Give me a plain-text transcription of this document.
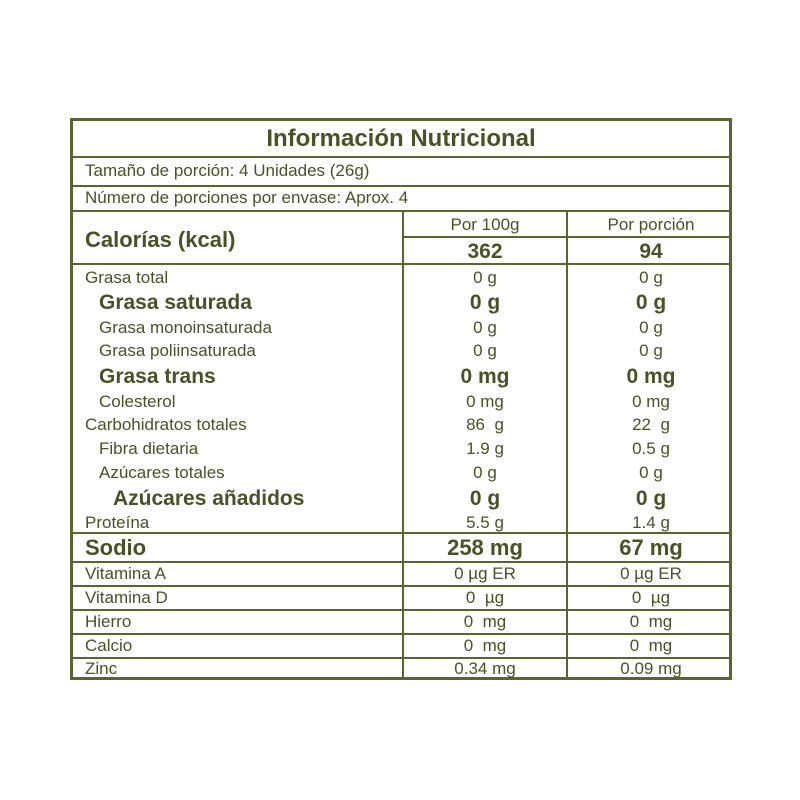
Información Nutricional
Tamaño de porción: 4 Unidades (26g)
Número de porciones por envase: Aprox. 4
Calorías (kcal)
Por 100g	Por porción
362	94
Grasa total	0 g	0 g
Grasa saturada	0 g	0 g
Grasa monoinsaturada	0 g	0 g
Grasa poliinsaturada	0 g	0 g
Grasa trans	0 mg	0 mg
Colesterol	0 mg	0 mg
Carbohidratos totales	86  g	22  g
Fibra dietaria	1.9 g	0.5 g
Azúcares totales	0 g	0 g
Azúcares añadidos	0 g	0 g
Proteína	5.5 g	1.4 g
Sodio	258 mg	67 mg
Vitamina A	0 µg ER	0 µg ER
Vitamina D	0  µg	0  µg
Hierro	0  mg	0  mg
Calcio	0  mg	0  mg
Zinc	0.34 mg	0.09 mg
